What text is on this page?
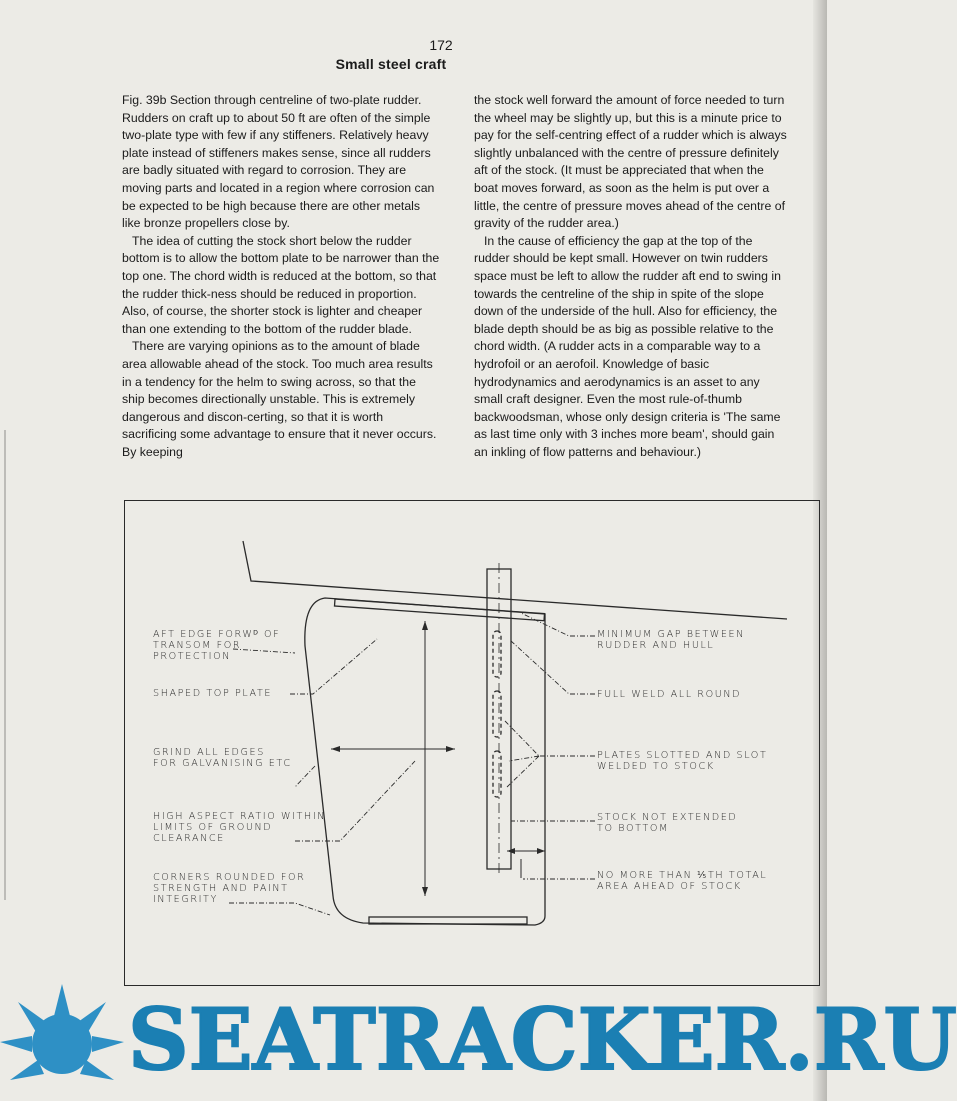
172
Small steel craft

Fig. 39b Section through centreline of two-plate rudder. Rudders on craft up to about 50 ft are often of the simple two-plate type with few if any stiffeners. Relatively heavy plate instead of stiffeners makes sense, since all rudders are badly situated with regard to corrosion. They are moving parts and located in a region where corrosion can be expected to be high because there are other metals like bronze propellers close by.

The idea of cutting the stock short below the rudder bottom is to allow the bottom plate to be narrower than the top one. The chord width is reduced at the bottom, so that the rudder thick-ness should be reduced in proportion. Also, of course, the shorter stock is lighter and cheaper than one extending to the bottom of the rudder blade.

There are varying opinions as to the amount of blade area allowable ahead of the stock. Too much area results in a tendency for the helm to swing across, so that the ship becomes directionally unstable. This is extremely dangerous and discon-certing, so that it is worth sacrificing some advantage to ensure that it never occurs. By keeping

the stock well forward the amount of force needed to turn the wheel may be slightly up, but this is a minute price to pay for the self-centring effect of a rudder which is always slightly unbalanced with the centre of pressure definitely aft of the stock. (It must be appreciated that when the boat moves forward, as soon as the helm is put over a little, the centre of pressure moves ahead of the centre of gravity of the rudder area.)

In the cause of efficiency the gap at the top of the rudder should be kept small. However on twin rudders space must be left to allow the rudder aft end to swing in towards the centreline of the ship in spite of the slope down of the underside of the hull. Also for efficiency, the blade depth should be as big as possible relative to the chord width. (A rudder acts in a comparable way to a hydrofoil or an aerofoil. Knowledge of basic hydrodynamics and aerodynamics is an asset to any small craft designer. Even the most rule-of-thumb backwoodsman, whose only design criteria is 'The same as last time only with 3 inches more beam', should gain an inkling of flow patterns and behaviour.)

AFT EDGE FORWᴰ OF
TRANSOM FOR
PROTECTION
SHAPED TOP PLATE
GRIND ALL EDGES
FOR GALVANISING ETC
HIGH ASPECT RATIO WITHIN
LIMITS OF GROUND
CLEARANCE
CORNERS ROUNDED FOR
STRENGTH AND PAINT
INTEGRITY
MINIMUM GAP BETWEEN
RUDDER AND HULL
FULL WELD ALL ROUND
PLATES SLOTTED AND SLOT
WELDED TO STOCK
STOCK NOT EXTENDED
TO BOTTOM
NO MORE THAN ⅕TH TOTAL
AREA AHEAD OF STOCK
SEATRACKER.RU
